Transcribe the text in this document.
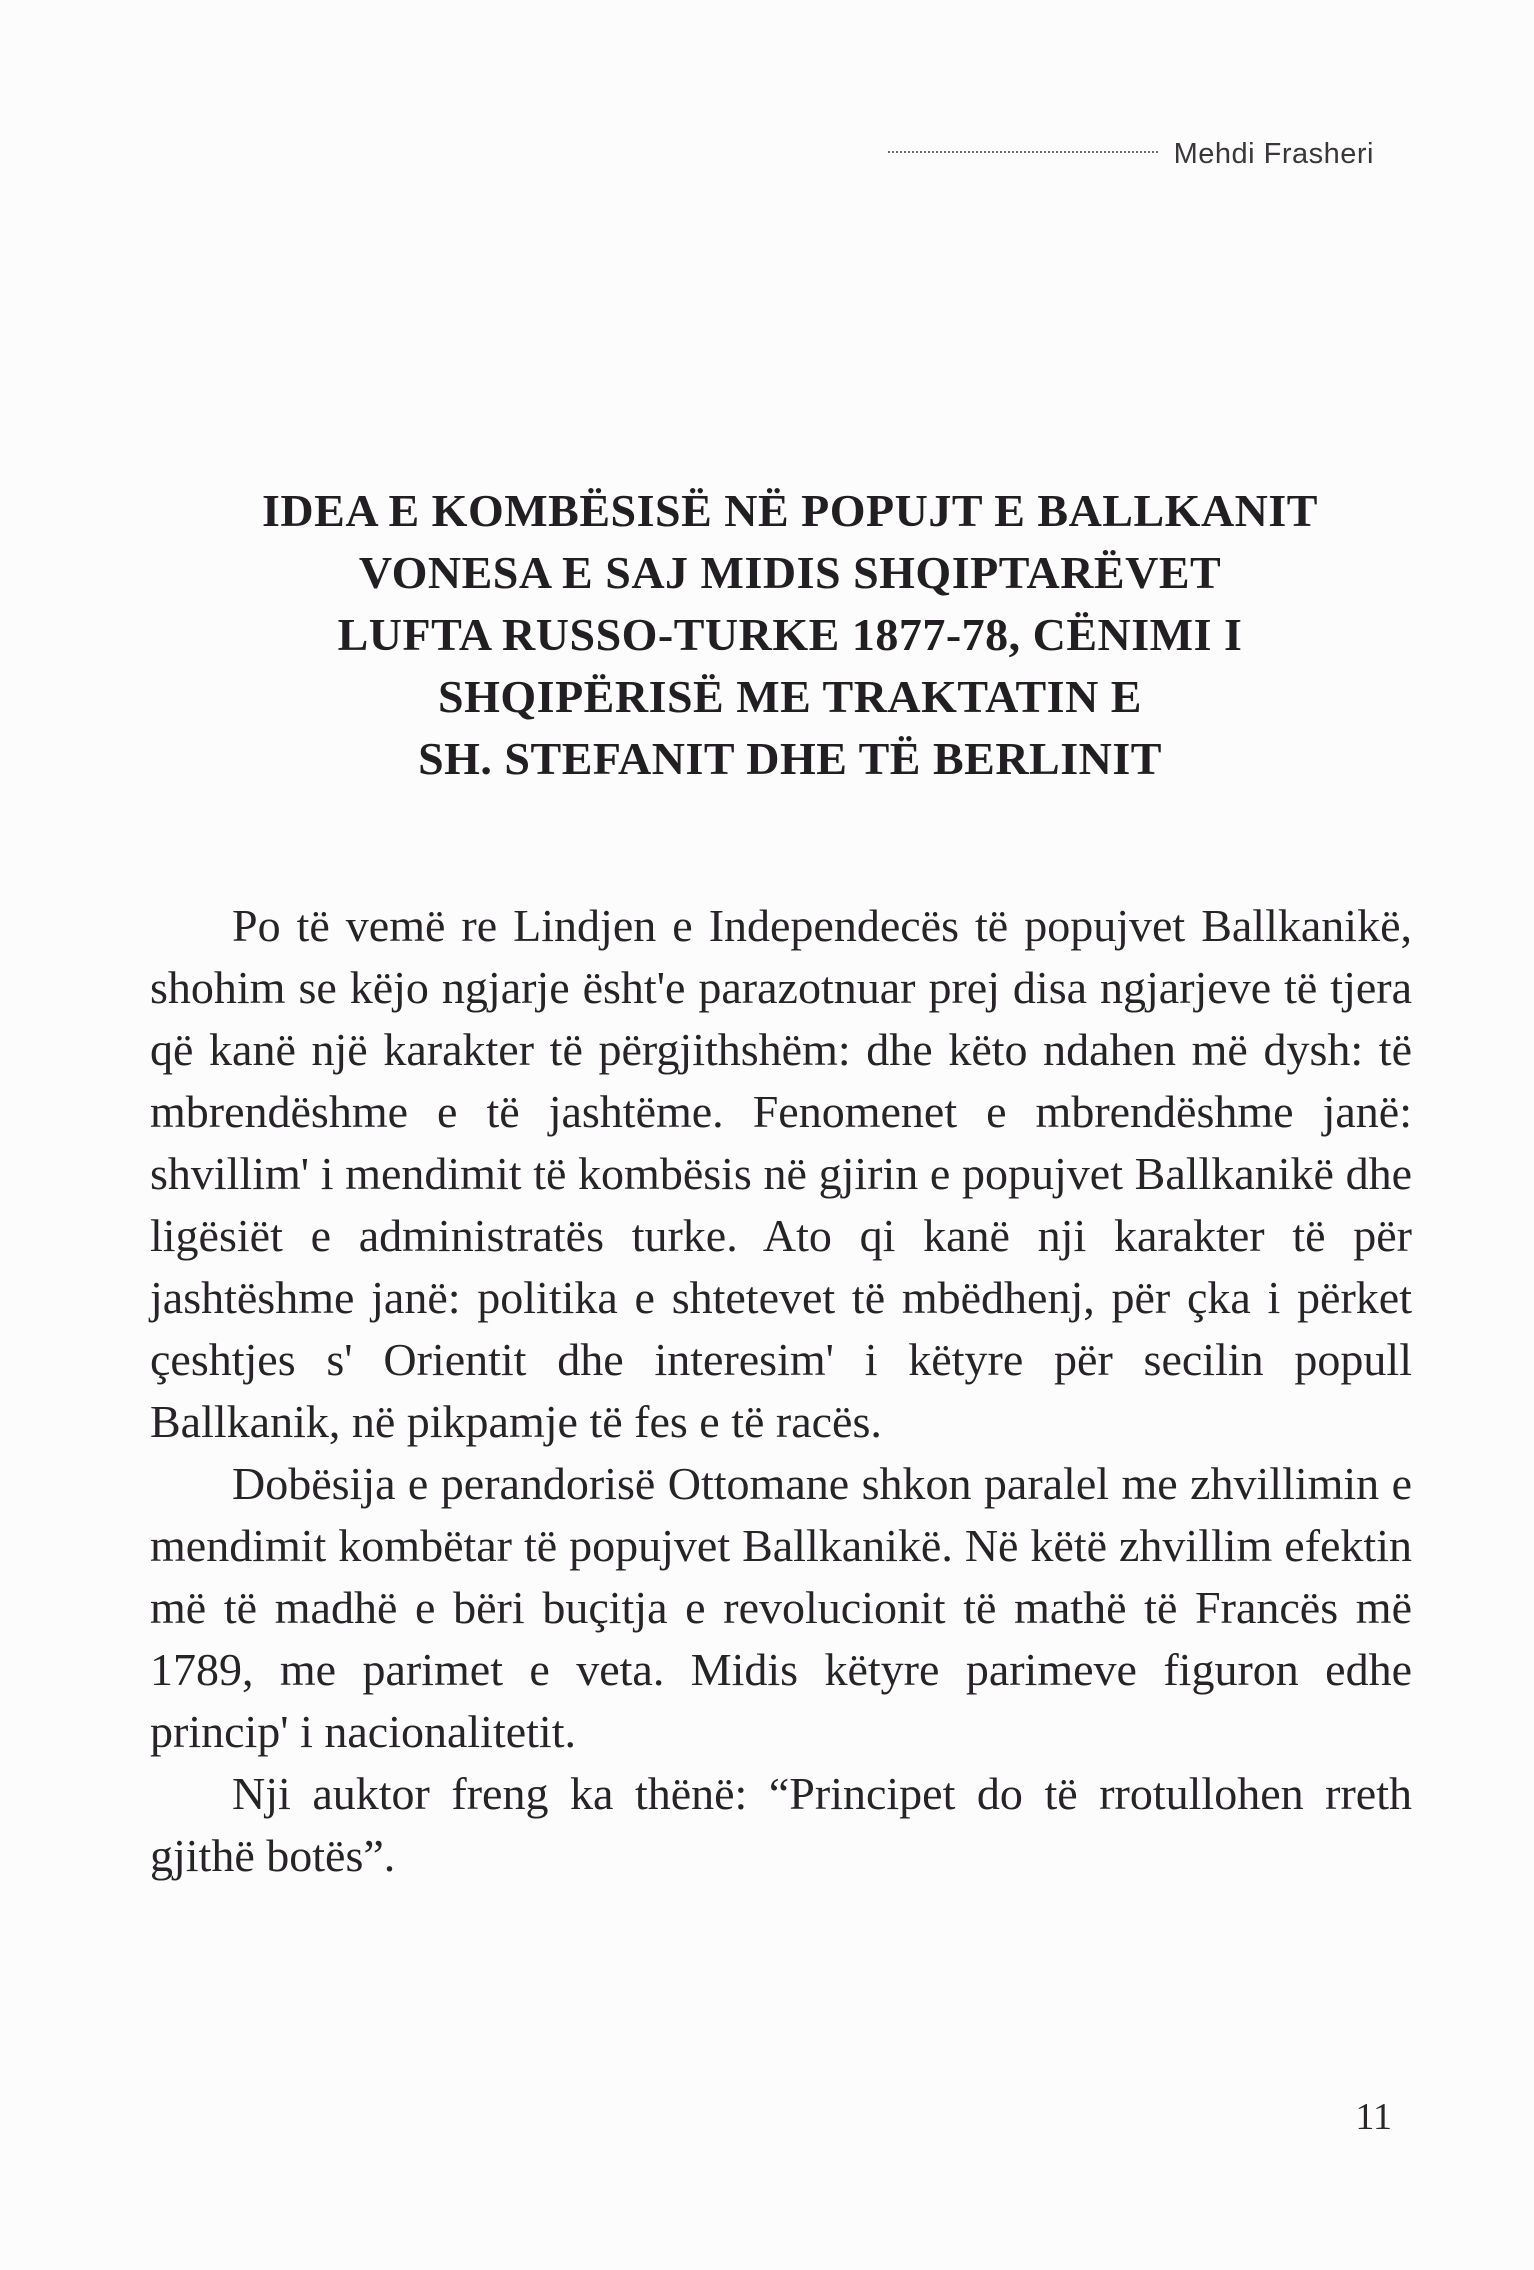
Mehdi Frasheri
IDEA E KOMBËSISË NË POPUJT E BALLKANIT
VONESA E SAJ MIDIS SHQIPTARËVET
LUFTA RUSSO-TURKE 1877-78, CËNIMI I
SHQIPËRISË ME TRAKTATIN E
SH. STEFANIT DHE TË BERLINIT

Po të vemë re Lindjen e Independecës të popujvet Ballkanikë, shohim se këjo ngjarje ësht'e parazotnuar prej disa ngjarjeve të tjera që kanë një karakter të përgjithshëm: dhe këto ndahen më dysh: të mbrendëshme e të jashtëme. Fenomenet e mbrendëshme janë: shvillim' i mendimit të kombësis në gjirin e popujvet Ballkanikë dhe ligësiët e administratës turke. Ato qi kanë nji karakter të për jashtëshme janë: politika e shtetevet të mbëdhenj, për çka i përket çeshtjes s' Orientit dhe interesim' i këtyre për secilin popull Ballkanik, në pikpamje të fes e të racës.

Dobësija e perandorisë Ottomane shkon paralel me zhvillimin e mendimit kombëtar të popujvet Ballkanikë. Në këtë zhvillim efektin më të madhë e bëri buçitja e revolucionit të mathë të Francës më 1789, me parimet e veta. Midis këtyre parimeve figuron edhe princip' i nacionalitetit.

Nji auktor freng ka thënë: “Principet do të rrotullohen rreth gjithë botës”.

11
